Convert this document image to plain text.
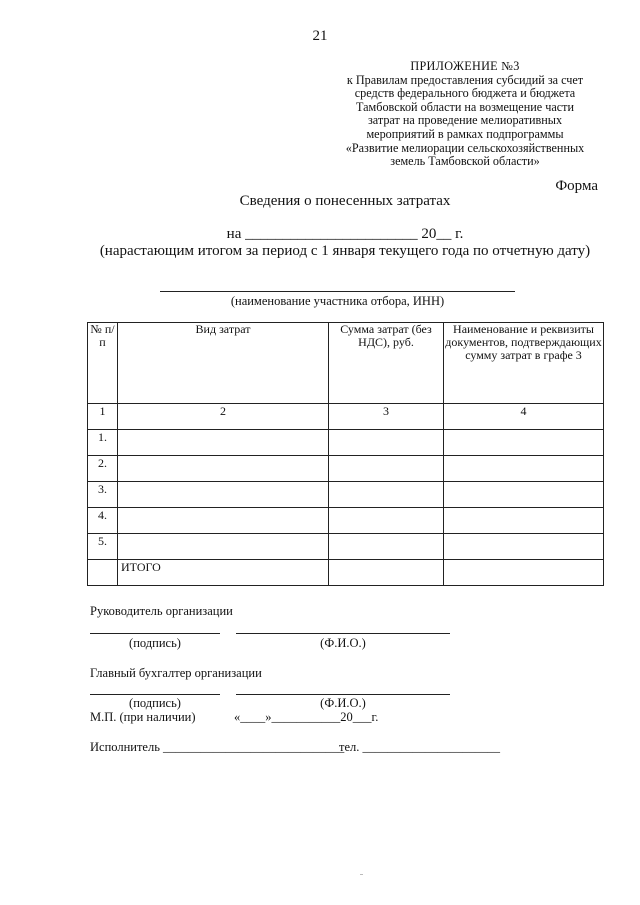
21
ПРИЛОЖЕНИЕ №3
к Правилам предоставления субсидий за счет
средств федерального бюджета и бюджета
Тамбовской области на возмещение части
затрат на проведение мелиоративных
мероприятий в рамках подпрограммы
«Развитие мелиорации сельскохозяйственных
земель Тамбовской области»
Форма
Сведения о понесенных затратах
на _______________________ 20__ г.
(нарастающим итогом за период с 1 января текущего года по отчетную дату)
(наименование участника отбора, ИНН)
№ п/п	Вид затрат	Сумма затрат (без НДС), руб.	Наименование и реквизиты документов, подтверждающих сумму затрат в графе 3
1	2	3	4
1.			
2.			
3.			
4.			
5.			
	ИТОГО		
Руководитель организации
(подпись)	(Ф.И.О.)
Главный бухгалтер организации
(подпись)	(Ф.И.О.)
М.П. (при наличии)	«____»___________20___г.
Исполнитель _____________________________
тел. ______________________
